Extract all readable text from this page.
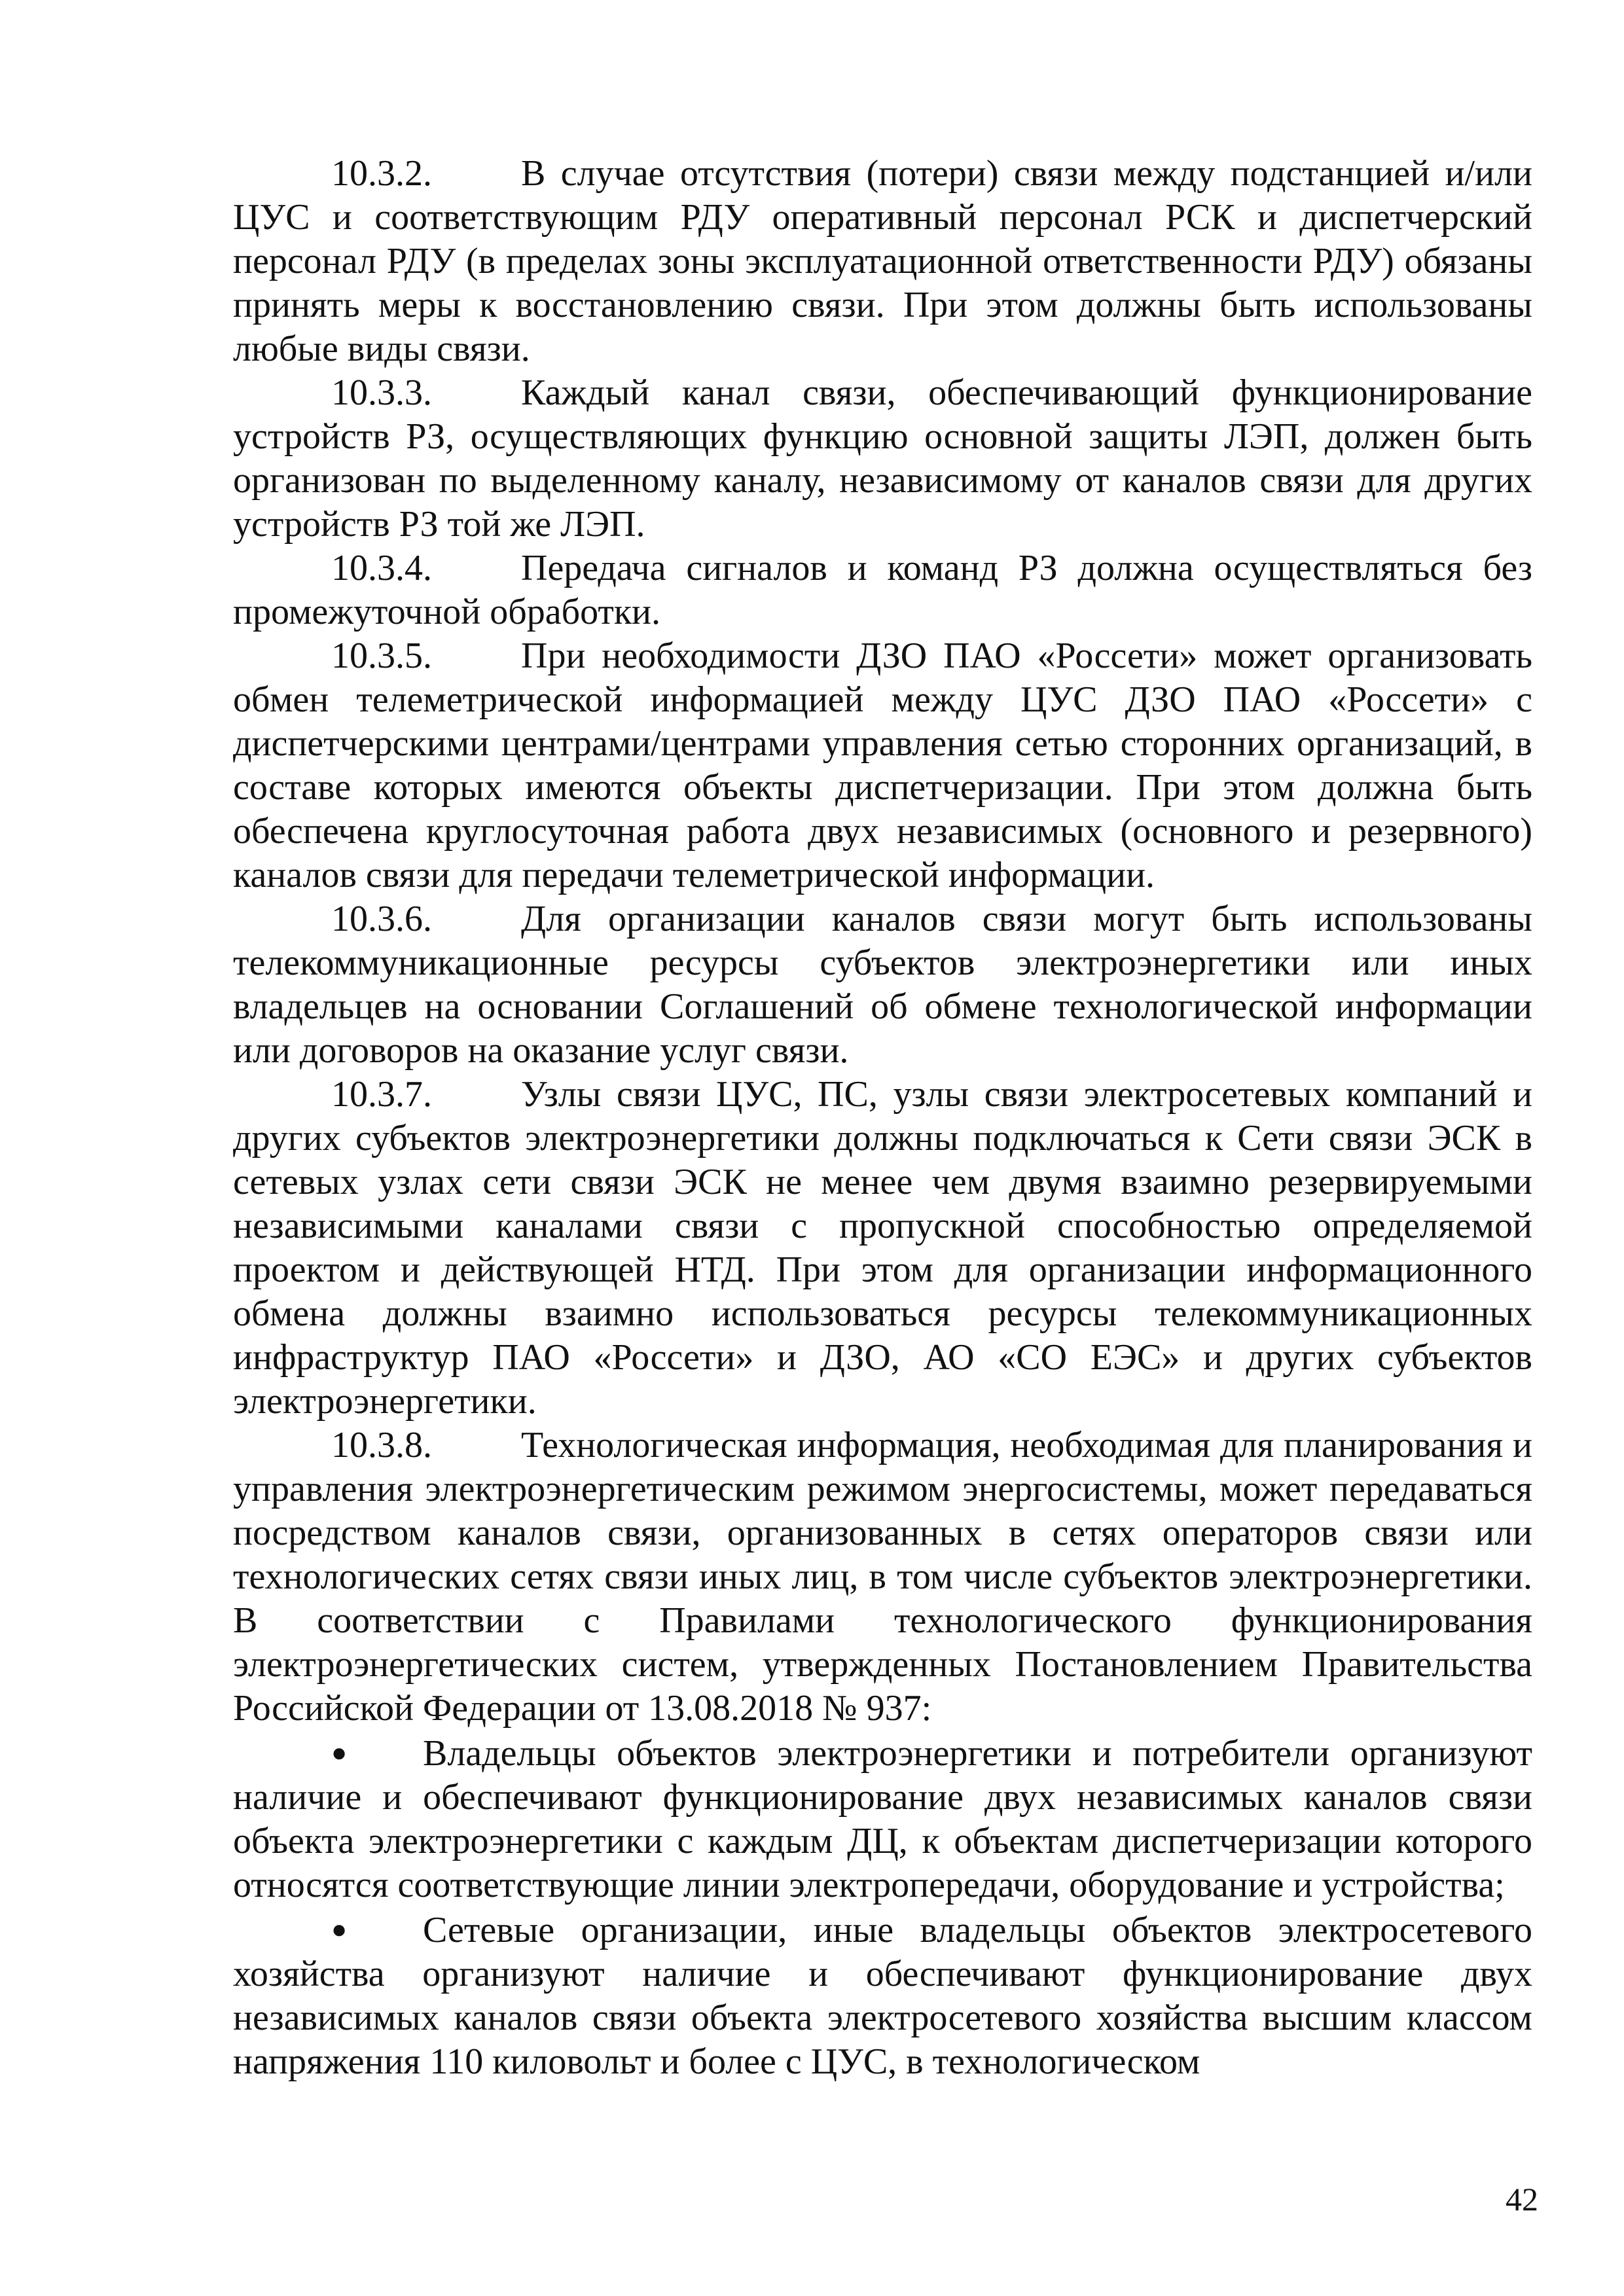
10.3.2. В случае отсутствия (потери) связи между подстанцией и/или ЦУС и соответствующим РДУ оперативный персонал РСК и диспетчерский персонал РДУ (в пределах зоны эксплуатационной ответственности РДУ) обязаны принять меры к восстановлению связи. При этом должны быть использованы любые виды связи.

10.3.3. Каждый канал связи, обеспечивающий функционирование устройств РЗ, осуществляющих функцию основной защиты ЛЭП, должен быть организован по выделенному каналу, независимому от каналов связи для других устройств РЗ той же ЛЭП.

10.3.4. Передача сигналов и команд РЗ должна осуществляться без промежуточной обработки.

10.3.5. При необходимости ДЗО ПАО «Россети» может организовать обмен телеметрической информацией между ЦУС ДЗО ПАО «Россети» с диспетчерскими центрами/центрами управления сетью сторонних организаций, в составе которых имеются объекты диспетчеризации. При этом должна быть обеспечена круглосуточная работа двух независимых (основного и резервного) каналов связи для передачи телеметрической информации.

10.3.6. Для организации каналов связи могут быть использованы телекоммуникационные ресурсы субъектов электроэнергетики или иных владельцев на основании Соглашений об обмене технологической информации или договоров на оказание услуг связи.

10.3.7. Узлы связи ЦУС, ПС, узлы связи электросетевых компаний и других субъектов электроэнергетики должны подключаться к Сети связи ЭСК в сетевых узлах сети связи ЭСК не менее чем двумя взаимно резервируемыми независимыми каналами связи с пропускной способностью определяемой проектом и действующей НТД. При этом для организации информационного обмена должны взаимно использоваться ресурсы телекоммуникационных инфраструктур ПАО «Россети» и ДЗО, АО «СО ЕЭС» и других субъектов электроэнергетики.

10.3.8. Технологическая информация, необходимая для планирования и управления электроэнергетическим режимом энергосистемы, может передаваться посредством каналов связи, организованных в сетях операторов связи или технологических сетях связи иных лиц, в том числе субъектов электроэнергетики. В соответствии с Правилами технологического функционирования электроэнергетических систем, утвержденных Постановлением Правительства Российской Федерации от 13.08.2018 № 937:

● Владельцы объектов электроэнергетики и потребители организуют наличие и обеспечивают функционирование двух независимых каналов связи объекта электроэнергетики с каждым ДЦ, к объектам диспетчеризации которого относятся соответствующие линии электропередачи, оборудование и устройства;

● Сетевые организации, иные владельцы объектов электросетевого хозяйства организуют наличие и обеспечивают функционирование двух независимых каналов связи объекта электросетевого хозяйства высшим классом напряжения 110 киловольт и более с ЦУС, в технологическом

42
